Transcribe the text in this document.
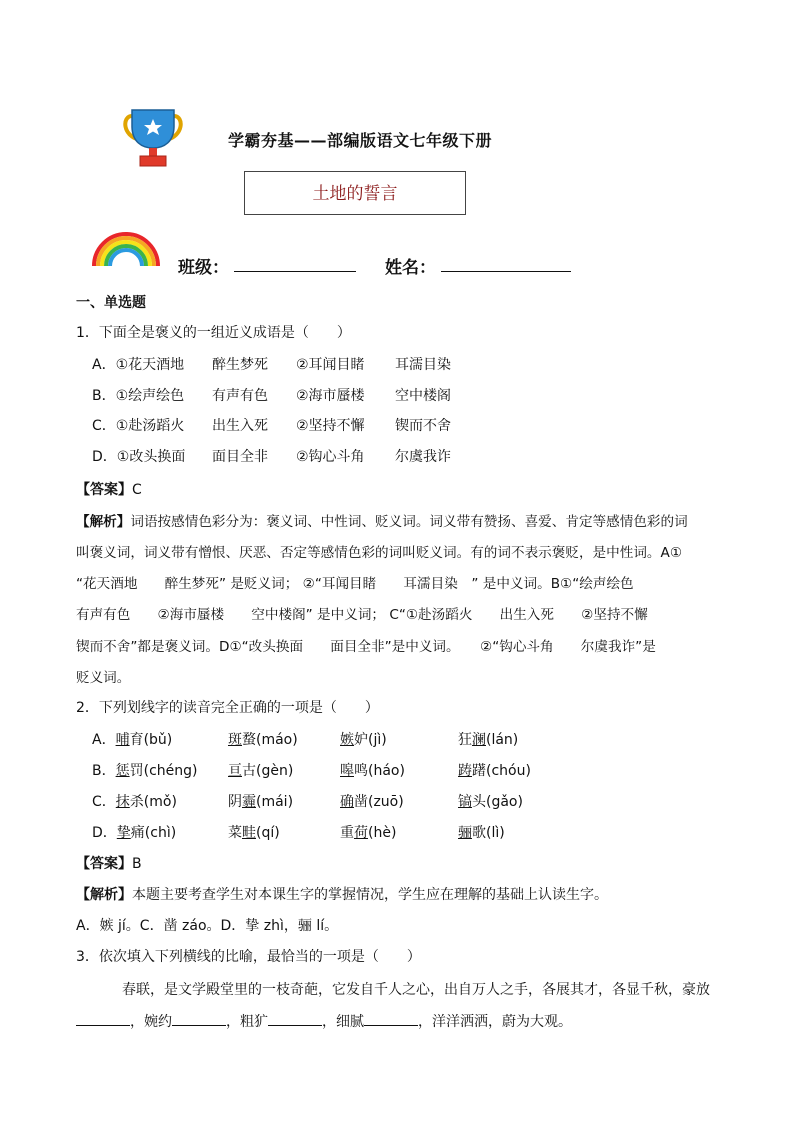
学霸夯基——部编版语文七年级下册
土地的誓言
班级：	姓名：
一、单选题
1．下面全是褒义的一组近义成语是（　　）
A．①花天酒地 醉生梦死 ②耳闻目睹 耳濡目染
B．①绘声绘色 有声有色 ②海市蜃楼 空中楼阁
C．①赴汤蹈火 出生入死 ②坚持不懈 锲而不舍
D．①改头换面 面目全非 ②钩心斗角 尔虞我诈
【答案】C
【解析】词语按感情色彩分为：褒义词、中性词、贬义词。词义带有赞扬、喜爱、肯定等感情色彩的词
叫褒义词，词义带有憎恨、厌恶、否定等感情色彩的词叫贬义词。有的词不表示褒贬，是中性词。A①
“花天酒地　　醉生梦死” 是贬义词； ②“耳闻目睹　　耳濡目染　” 是中义词。B①“绘声绘色
有声有色　　②海市蜃楼　　空中楼阁” 是中义词； C“①赴汤蹈火　　出生入死　　②坚持不懈
锲而不舍”都是褒义词。D①“改头换面　　面目全非”是中义词。　　②“钩心斗角　　尔虞我诈”是
贬义词。
2．下列划线字的读音完全正确的一项是（　　）
A．哺育(bǔ)	斑蝥(máo)	嫉妒(jì)	狂澜(lán)
B．惩罚(chéng) 亘古(gèn)	嗥鸣(háo)	踌躇(chóu)
C．抹杀(mǒ)	阴霾(mái)	确凿(zuō)	镐头(gǎo)
D．挚痛(chì)	菜畦(qí)	重荷(hè)	骊歌(lì)
【答案】B
【解析】本题主要考查学生对本课生字的掌握情况，学生应在理解的基础上认读生字。
A．嫉 jí。C．凿 záo。D．挚 zhì，骊 lí。
3．依次填入下列横线的比喻，最恰当的一项是（　　）
春联，是文学殿堂里的一枝奇葩，它发自千人之心，出自万人之手，各展其才，各显千秋，豪放
，婉约	，粗犷	，细腻	，洋洋洒洒，蔚为大观。
